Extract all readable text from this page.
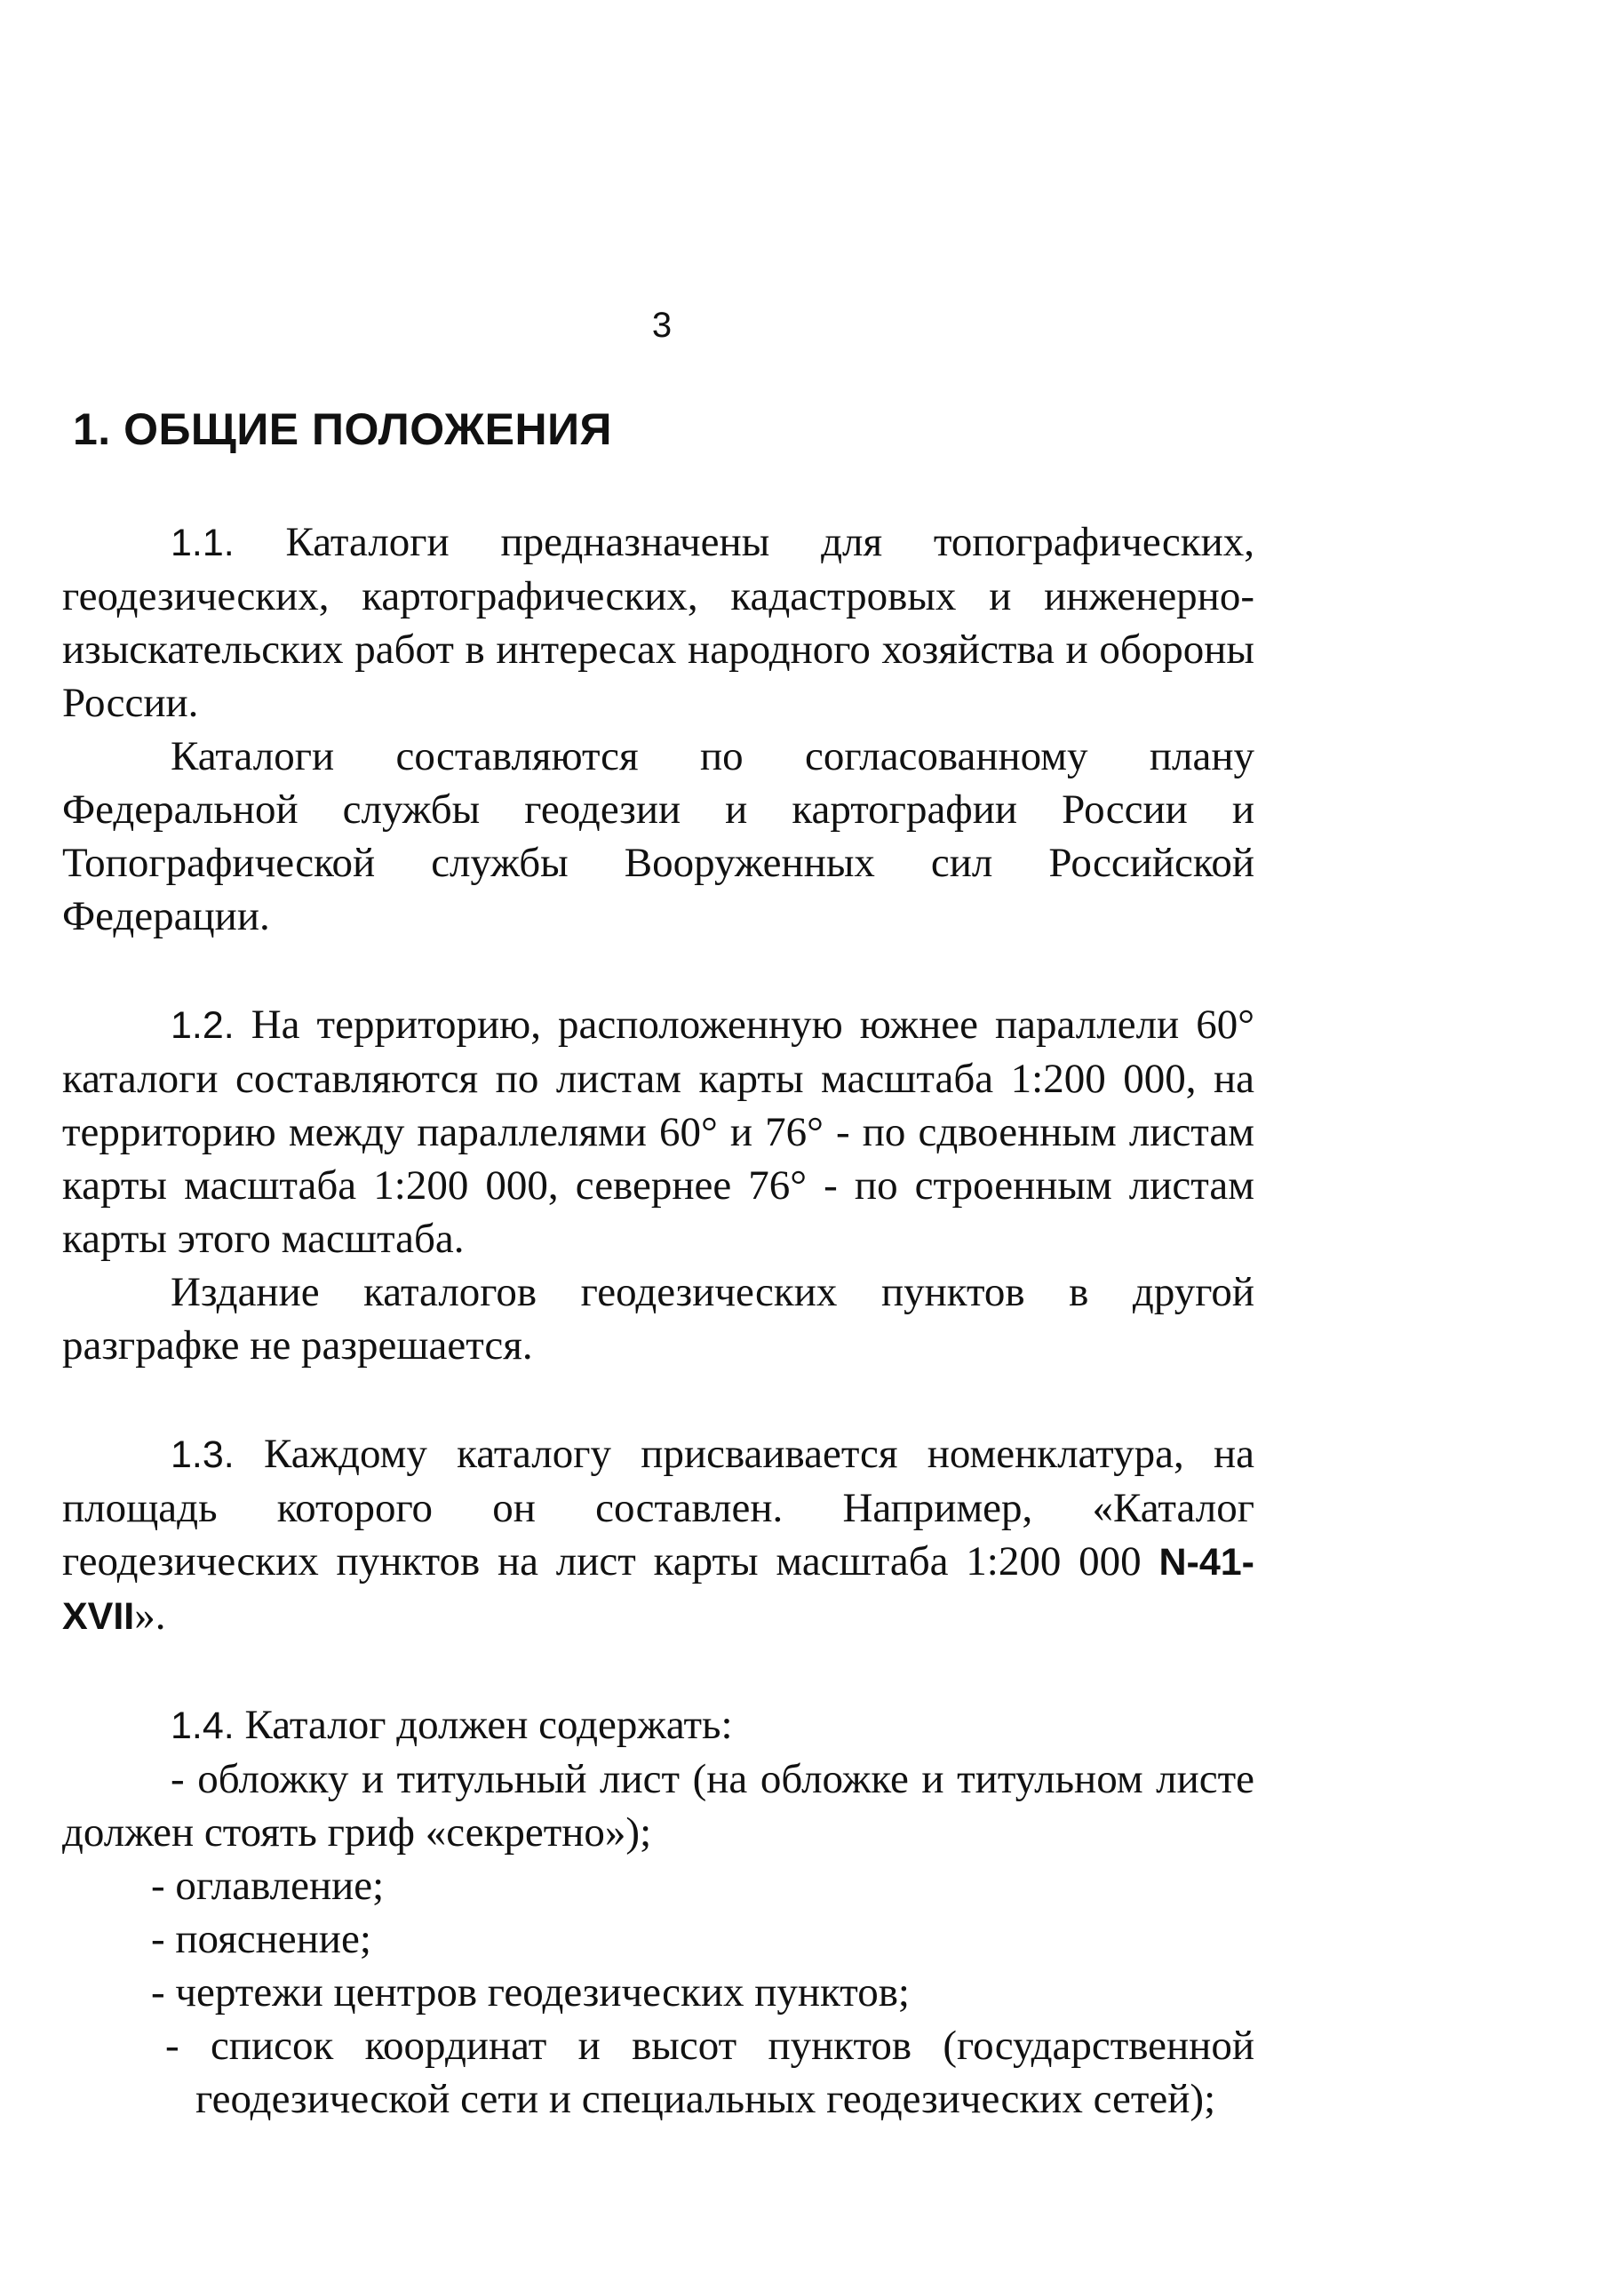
3
1. ОБЩИЕ ПОЛОЖЕНИЯ

1.1. Каталоги предназначены для топографических, геодезических, картографических, кадастровых и инженерно-изыскательских работ в интересах народного хозяйства и обороны России.

Каталоги составляются по согласованному плану Федеральной службы геодезии и картографии России и Топографической службы Вооруженных сил Российской Федерации.

1.2. На территорию, расположенную южнее параллели 60° каталоги составляются по листам карты масштаба 1:200 000, на территорию между параллелями 60° и 76° - по сдвоенным листам карты масштаба 1:200 000, севернее 76° - по строенным листам карты этого масштаба.

Издание каталогов геодезических пунктов в другой разграфке не разрешается.

1.3. Каждому каталогу присваивается номенклатура, на площадь которого он составлен. Например, «Каталог геодезических пунктов на лист карты масштаба 1:200 000 N-41-XVII».

1.4. Каталог должен содержать:

- обложку и титульный лист (на обложке и титульном листе должен стоять гриф «секретно»);

- оглавление;

- пояснение;

- чертежи центров геодезических пунктов;

- список координат и высот пунктов (государственной геодезической сети и специальных геодезических сетей);
